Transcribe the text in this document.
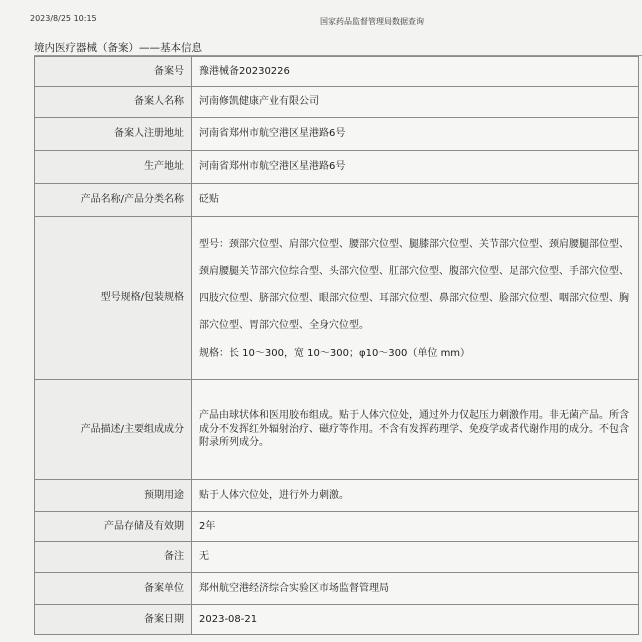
2023/8/25 10:15	国家药品监督管理局数据查询
境内医疗器械（备案）——基本信息
备案号	豫港械备20230226
备案人名称	河南修凯健康产业有限公司
备案人注册地址	河南省郑州市航空港区星港路6号
生产地址	河南省郑州市航空港区星港路6号
产品名称/产品分类名称	砭贴
型号规格/包装规格	型号：颈部穴位型、肩部穴位型、腰部穴位型、腿膝部穴位型、关节部穴位型、颈肩腰腿部位型、颈肩腰腿关节部穴位综合型、头部穴位型、肛部穴位型、腹部穴位型、足部穴位型、手部穴位型、四肢穴位型、脐部穴位型、眼部穴位型、耳部穴位型、鼻部穴位型、脸部穴位型、咽部穴位型、胸部穴位型、胃部穴位型、全身穴位型。
规格：长 10～300，宽 10～300；φ10～300（单位 mm）

产品描述/主要组成成分	产品由球状体和医用胶布组成。贴于人体穴位处，通过外力仅起压力刺激作用。非无菌产品。所含成分不发挥红外辐射治疗、磁疗等作用。不含有发挥药理学、免疫学或者代谢作用的成分。不包含附录所列成分。
预期用途	贴于人体穴位处，进行外力刺激。
产品存储及有效期	2年
备注	无
备案单位	郑州航空港经济综合实验区市场监督管理局
备案日期	2023-08-21
